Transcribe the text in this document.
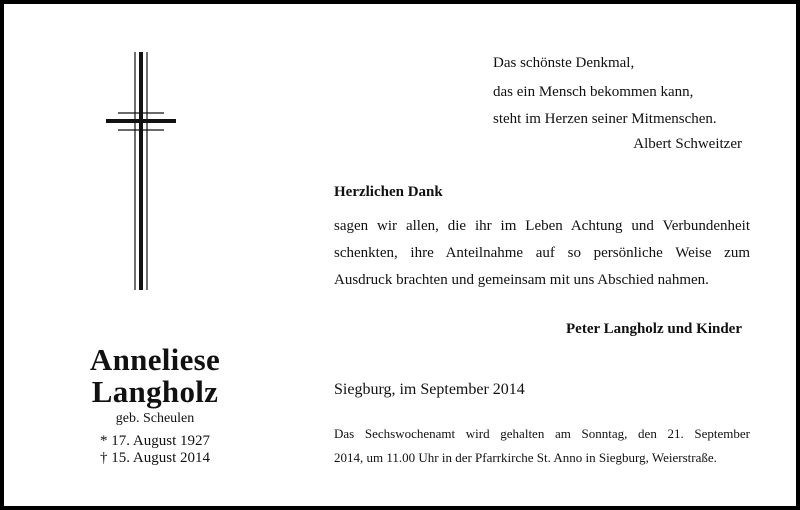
Anneliese
Langholz
geb. Scheulen
* 17. August 1927
† 15. August 2014
Das schönste Denkmal,
das ein Mensch bekommen kann,
steht im Herzen seiner Mitmenschen.
Albert Schweitzer
Herzlichen Dank
sagen wir allen, die ihr im Leben Achtung und Verbundenheit
schenkten, ihre Anteilnahme auf so persönliche Weise zum
Ausdruck brachten und gemeinsam mit uns Abschied nahmen.
Peter Langholz und Kinder
Siegburg, im September 2014
Das Sechswochenamt wird gehalten am Sonntag, den 21. September
2014, um 11.00 Uhr in der Pfarrkirche St. Anno in Siegburg, Weierstraße.
